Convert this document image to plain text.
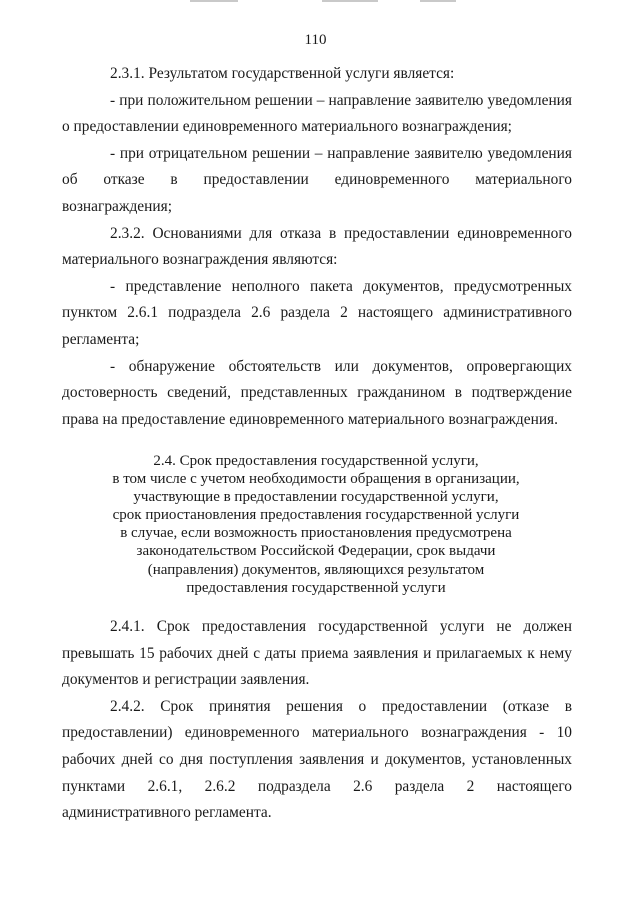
110

2.3.1. Результатом государственной услуги является:

- при положительном решении – направление заявителю уведомления о предоставлении единовременного материального вознаграждения;

- при отрицательном решении – направление заявителю уведомления об отказе в предоставлении единовременного материального вознаграждения;

2.3.2. Основаниями для отказа в предоставлении единовременного материального вознаграждения являются:

- представление неполного пакета документов, предусмотренных пунктом 2.6.1 подраздела 2.6 раздела 2 настоящего административного регламента;

- обнаружение обстоятельств или документов, опровергающих достоверность сведений, представленных гражданином в подтверждение права на предоставление единовременного материального вознаграждения.

2.4. Срок предоставления государственной услуги,
в том числе с учетом необходимости обращения в организации,
участвующие в предоставлении государственной услуги,
срок приостановления предоставления государственной услуги
в случае, если возможность приостановления предусмотрена
законодательством Российской Федерации, срок выдачи
(направления) документов, являющихся результатом
предоставления государственной услуги

2.4.1. Срок предоставления государственной услуги не должен превышать 15 рабочих дней с даты приема заявления и прилагаемых к нему документов и регистрации заявления.

2.4.2. Срок принятия решения о предоставлении (отказе в предоставлении) единовременного материального вознаграждения - 10 рабочих дней со дня поступления заявления и документов, установленных пунктами 2.6.1, 2.6.2 подраздела 2.6 раздела 2 настоящего административного регламента.
